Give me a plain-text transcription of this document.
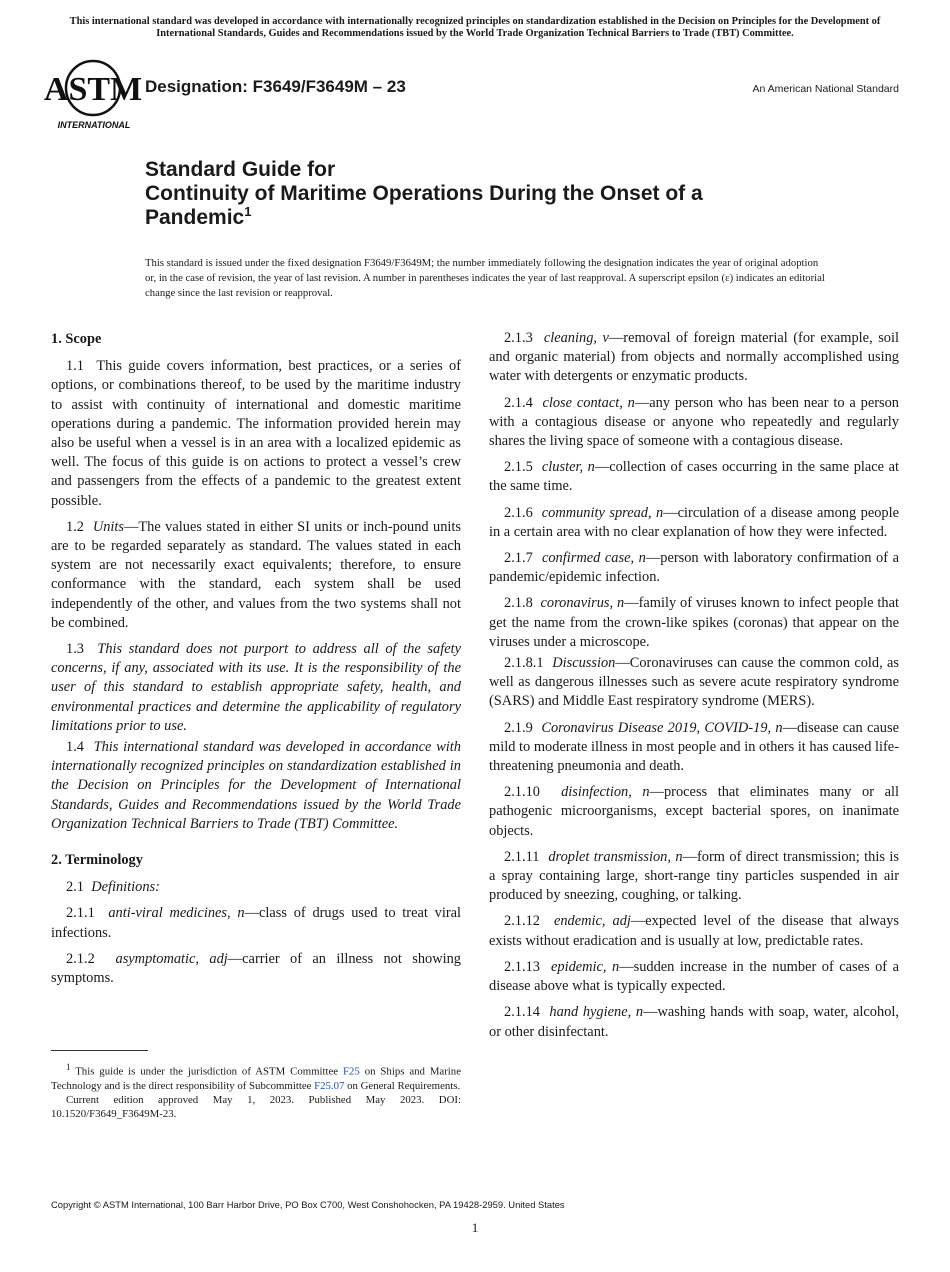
This international standard was developed in accordance with internationally recognized principles on standardization established in the Decision on Principles for the Development of International Standards, Guides and Recommendations issued by the World Trade Organization Technical Barriers to Trade (TBT) Committee.
ASTM
INTERNATIONAL
Designation: F3649/F3649M – 23	An American National Standard
Standard Guide for
Continuity of Maritime Operations During the Onset of a
Pandemic$^1$
This standard is issued under the fixed designation F3649/F3649M; the number immediately following the designation indicates the year of original adoption or, in the case of revision, the year of last revision. A number in parentheses indicates the year of last reapproval. A superscript epsilon (ε) indicates an editorial change since the last revision or reapproval.
1. Scope

1.1 This guide covers information, best practices, or a series of options, or combinations thereof, to be used by the maritime industry to assist with continuity of international and domestic maritime operations during a pandemic. The information provided herein may also be useful when a vessel is in an area with a localized epidemic as well. The focus of this guide is on actions to protect a vessel’s crew and passengers from the effects of a pandemic to the greatest extent possible.

1.2 Units—The values stated in either SI units or inch-pound units are to be regarded separately as standard. The values stated in each system are not necessarily exact equivalents; therefore, to ensure conformance with the standard, each system shall be used independently of the other, and values from the two systems shall not be combined.

1.3 This standard does not purport to address all of the safety concerns, if any, associated with its use. It is the responsibility of the user of this standard to establish appropriate safety, health, and environmental practices and determine the applicability of regulatory limitations prior to use.

1.4 This international standard was developed in accordance with internationally recognized principles on standardization established in the Decision on Principles for the Development of International Standards, Guides and Recommendations issued by the World Trade Organization Technical Barriers to Trade (TBT) Committee.

2. Terminology

2.1 Definitions:

2.1.1 anti-viral medicines, n—class of drugs used to treat viral infections.

2.1.2 asymptomatic, adj—carrier of an illness not showing symptoms.

2.1.3 cleaning, v—removal of foreign material (for example, soil and organic material) from objects and normally accomplished using water with detergents or enzymatic products.

2.1.4 close contact, n—any person who has been near to a person with a contagious disease or anyone who repeatedly and regularly shares the living space of someone with a contagious disease.

2.1.5 cluster, n—collection of cases occurring in the same place at the same time.

2.1.6 community spread, n—circulation of a disease among people in a certain area with no clear explanation of how they were infected.

2.1.7 confirmed case, n—person with laboratory confirmation of a pandemic/epidemic infection.

2.1.8 coronavirus, n—family of viruses known to infect people that get the name from the crown-like spikes (coronas) that appear on the viruses under a microscope.

2.1.8.1 Discussion—Coronaviruses can cause the common cold, as well as dangerous illnesses such as severe acute respiratory syndrome (SARS) and Middle East respiratory syndrome (MERS).

2.1.9 Coronavirus Disease 2019, COVID-19, n—disease can cause mild to moderate illness in most people and in others it has caused life-threatening pneumonia and death.

2.1.10 disinfection, n—process that eliminates many or all pathogenic microorganisms, except bacterial spores, on inanimate objects.

2.1.11 droplet transmission, n—form of direct transmission; this is a spray containing large, short-range tiny particles suspended in air produced by sneezing, coughing, or talking.

2.1.12 endemic, adj—expected level of the disease that always exists without eradication and is usually at low, predictable rates.

2.1.13 epidemic, n—sudden increase in the number of cases of a disease above what is typically expected.

2.1.14 hand hygiene, n—washing hands with soap, water, alcohol, or other disinfectant.

$^1$ This guide is under the jurisdiction of ASTM Committee F25 on Ships and Marine Technology and is the direct responsibility of Subcommittee F25.07 on General Requirements.

Current edition approved May 1, 2023. Published May 2023. DOI: 10.1520/F3649_F3649M-23.

Copyright © ASTM International, 100 Barr Harbor Drive, PO Box C700, West Conshohocken, PA 19428-2959. United States
1
